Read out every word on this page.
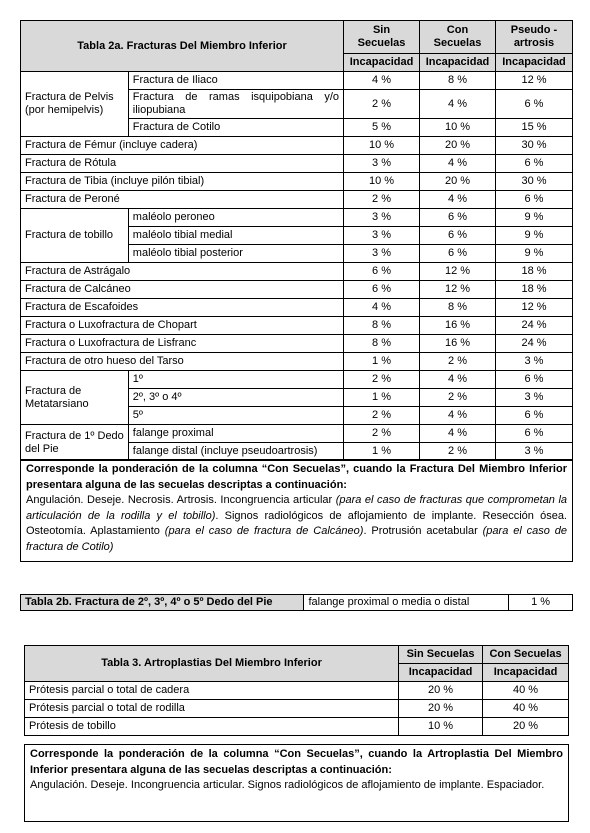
Tabla 2a. Fracturas Del Miembro Inferior		Sin Secuelas	Con Secuelas	Pseudo - artrosis
		Incapacidad	Incapacidad	Incapacidad
Fractura de Pelvis (por hemipelvis)	Fractura de Iliaco	4 %	8 %	12 %
	Fractura de ramas isquipobiana y/o iliopubiana	2 %	4 %	6 %
	Fractura de Cotilo	5 %	10 %	15 %
Fractura de Fémur (incluye cadera)		10 %	20 %	30 %
Fractura de Rótula		3 %	4 %	6 %
Fractura de Tibia (incluye pilón tibial)		10 %	20 %	30 %
Fractura de Peroné		2 %	4 %	6 %
Fractura de tobillo	maléolo peroneo	3 %	6 %	9 %
	maléolo tibial medial	3 %	6 %	9 %
	maléolo tibial posterior	3 %	6 %	9 %
Fractura de Astrágalo		6 %	12 %	18 %
Fractura de Calcáneo		6 %	12 %	18 %
Fractura de Escafoides		4 %	8 %	12 %
Fractura o Luxofractura de Chopart		8 %	16 %	24 %
Fractura o Luxofractura de Lisfranc		8 %	16 %	24 %
Fractura de otro hueso del Tarso		1 %	2 %	3 %
Fractura de Metatarsiano	1º	2 %	4 %	6 %
	2º, 3º o 4º	1 %	2 %	3 %
	5º	2 %	4 %	6 %
Fractura de 1º Dedo del Pie	falange proximal	2 %	4 %	6 %
	falange distal (incluye pseudoartrosis)	1 %	2 %	3 %
Corresponde la ponderación de la columna “Con Secuelas”, cuando la Fractura Del Miembro Inferior presentara alguna de las secuelas descriptas a continuación:
Angulación. Deseje. Necrosis. Artrosis. Incongruencia articular (para el caso de fracturas que comprometan la articulación de la rodilla y el tobillo). Signos radiológicos de aflojamiento de implante. Resección ósea. Osteotomía. Aplastamiento (para el caso de fractura de Calcáneo). Protrusión acetabular (para el caso de fractura de Cotilo)
Tabla 2b. Fractura de 2º, 3º, 4º o 5º Dedo del Pie	falange proximal o media o distal	1 %
Tabla 3. Artroplastias Del Miembro Inferior	Sin Secuelas	Con Secuelas
	Incapacidad	Incapacidad
Prótesis parcial o total de cadera	20 %	40 %
Prótesis parcial o total de rodilla	20 %	40 %
Prótesis de tobillo	10 %	20 %
Corresponde la ponderación de la columna “Con Secuelas”, cuando la Artroplastia Del Miembro Inferior presentara alguna de las secuelas descriptas a continuación:
Angulación. Deseje. Incongruencia articular. Signos radiológicos de aflojamiento de implante. Espaciador.
